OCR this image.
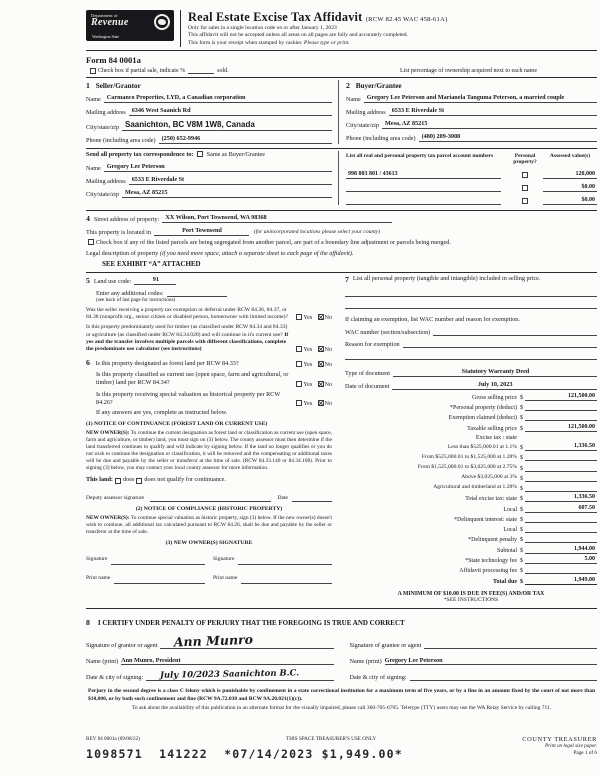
Department of
Revenue
Washington State
Real Estate Excise Tax Affidavit (RCW 82.45 WAC 458-61A)
Only for sales in a single location code on or after January 1, 2023
This affidavit will not be accepted unless all areas on all pages are fully and accurately completed.
This form is your receipt when stamped by cashier. Please type or print.
Form 84 0001a
Check box if partial sale, indicate %	sold.	List percentage of ownership acquired next to each name
1 Seller/Grantor
Name Carmanco Properties, LYD, a Canadian corporation
Mailing address 6346 West Saanich Rd
City/state/zip Saanichton, BC V8M 1W8, Canada
Phone (including area code) (250) 652-9946
2 Buyer/Grantee
Name Gregory Lee Peterson and Marianela Tanguma Peterson, a married couple
Mailing address 6533 E Riverdale St
City/state/zip Mesa, AZ 85215
Phone (including area code) (480) 209-3008
Send all property tax correspondence to: Same as Buyer/Grantee
Name Gregory Lee Peterson
Mailing address 6533 E Riverdale St
City/state/zip Mesa, AZ 85215
List all real and personal property tax parcel account numbers	Personal property?
Assessed value(s)
998 803 801 / 43613	120,000
$0.00
$0.00
4 Street address of property: XX Wilson, Port Townsend, WA 98368
This property is located in	Port Townsend	(for unincorporated locations please select your county)
Check box if any of the listed parcels are being segregated from another parcel, are part of a boundary line adjustment or parcels being merged.
Legal description of property (if you need more space, attach a separate sheet to each page of the affidavit).
SEE EXHIBIT “A” ATTACHED
5 Land use code:	91
Enter any additional codes:
(see back of last page for instructions)
Was the seller receiving a property tax exemption or deferral under RCW 84.36, 84.37, or 84.38 (nonprofit org., senior citizen or disabled person, homeowner with limited income)?	Yes ✕ No
Is this property predominantly used for timber (as classified under RCW 84.34 and 84.33) or agriculture (as classified under RCW 84.34.020) and will continue in it's current use? If yes and the transfer involves multiple parcels with different classifications, complete the predominate use calculator (see instructions)	Yes ✕ No
6 Is this property designated as forest land per RCW 84.33?	Yes ✕ No
Is this property classified as current use (open space, farm and agricultural, or timber) land per RCW 84.34?	Yes ✕ No
Is this property receiving special valuation as historical property per RCW 84.26?	Yes ✕ No
If any answers are yes, complete as instructed below.
(1) NOTICE OF CONTINUANCE (FOREST LAND OR CURRENT USE)
NEW OWNER(S): To continue the current designation as forest land or classification as current use (open space, farm and agriculture, or timber) land, you must sign on (3) below. The county assessor must then determine if the land transferred continues to qualify and will indicate by signing below. If the land no longer qualifies or you do not wish to continue the designation or classification, it will be removed and the compensating or additional taxes will be due and payable by the seller or transferor at the time of sale. (RCW 84.33.140 or 84.34.108). Prior to signing (3) below, you may contact your local county assessor for more information.
This land: does does not qualify for continuance.
Deputy assessor signature	Date
(2) NOTICE OF COMPLIANCE (HISTORIC PROPERTY)
NEW OWNER(S): To continue special valuation as historic property, sign (3) below. If the new owner(s) doesn't wish to continue, all additional tax calculated pursuant to RCW 84.26, shall be due and payable by the seller or transferor at the time of sale.
(3) NEW OWNER(S) SIGNATURE
Signature	Signature
Print name	Print name
7 List all personal property (tangible and intangible) included in selling price.
If claiming an exemption, list WAC number and reason for exemption.
WAC number (section/subsection)
Reason for exemption
Type of document	Statutory Warranty Deed
Date of document	July 10, 2023
Gross selling price $	121,500.00
*Personal property (deduct) $
Exemption claimed (deduct) $
Taxable selling price $	121,500.00
Excise tax : state
Less than $525,000.01 at 1.1% $	1,336.50
From $525,000.01 to $1,525,000 at 1.28% $
From $1,525,000.01 to $3,025,000 at 2.75% $
Above $3,025,000 at 3% $
Agricultural and timberland at 1.28% $
Total excise tax: state $	1,336.50
Local $	607.50
*Delinquent interest: state $
Local $
*Delinquent penalty $
Subtotal $	1,944.00
*State technology fee $	5.00
Affidavit processing fee $
Total due $	1,949.00
A MINIMUM OF $10.00 IS DUE IN FEE(S) AND/OR TAX
*SEE INSTRUCTIONS
8 I CERTIFY UNDER PENALTY OF PERJURY THAT THE FOREGOING IS TRUE AND CORRECT
Signature of grantor or agent	Ann Munro	Signature of grantee or agent
Name (print) Ann Munro, President	Name (print) Gregory Lee Peterson
Date & city of signing:	July 10/2023 Saanichton B.C.	Date & city of signing:
Perjury in the second degree is a class C felony which is punishable by confinement in a state correctional institution for a maximum term of five years, or by a fine in an amount fixed by the court of not more than $10,000, or by both such confinement and fine (RCW 9A.72.030 and RCW 9A.20.021(1)(c)).
To ask about the availability of this publication in an alternate format for the visually impaired, please call 360-705-6705. Teletype (TTY) users may use the WA Relay Service by calling 711.
REV 84 0001a (09/08/22)	THIS SPACE TREASURER'S USE ONLY	COUNTY TREASURER
1098571  141222  *07/14/2023 $1,949.00*
Print on legal size paper.
Page 1 of 6
